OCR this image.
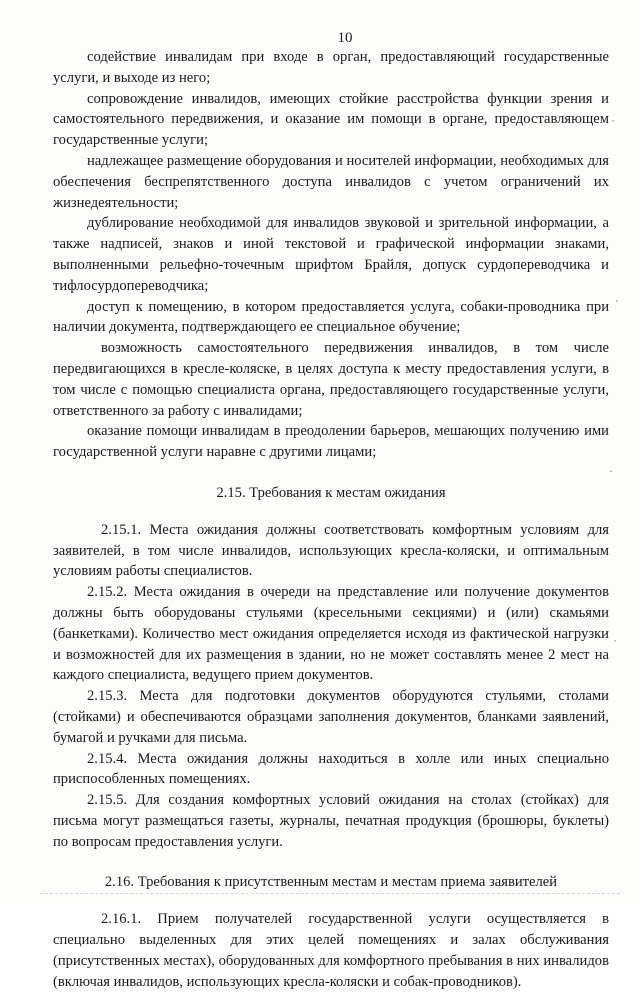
10

содействие инвалидам при входе в орган, предоставляющий государственные услуги, и выходе из него;

сопровождение инвалидов, имеющих стойкие расстройства функции зрения и самостоятельного передвижения, и оказание им помощи в органе, предоставляющем государственные услуги;

надлежащее размещение оборудования и носителей информации, необходимых для обеспечения беспрепятственного доступа инвалидов с учетом ограничений их жизнедеятельности;

дублирование необходимой для инвалидов звуковой и зрительной информации, а также надписей, знаков и иной текстовой и графической информации знаками, выполненными рельефно-точечным шрифтом Брайля, допуск сурдопереводчика и тифлосурдопереводчика;

доступ к помещению, в котором предоставляется услуга, собаки-проводника при наличии документа, подтверждающего ее специальное обучение;

возможность самостоятельного передвижения инвалидов, в том числе передвигающихся в кресле-коляске, в целях доступа к месту предоставления услуги, в том числе с помощью специалиста органа, предоставляющего государственные услуги, ответственного за работу с инвалидами;

оказание помощи инвалидам в преодолении барьеров, мешающих получению ими государственной услуги наравне с другими лицами;

2.15. Требования к местам ожидания

2.15.1. Места ожидания должны соответствовать комфортным условиям для заявителей, в том числе инвалидов, использующих кресла-коляски, и оптимальным условиям работы специалистов.

2.15.2. Места ожидания в очереди на представление или получение документов должны быть оборудованы стульями (кресельными секциями) и (или) скамьями (банкетками). Количество мест ожидания определяется исходя из фактической нагрузки и возможностей для их размещения в здании, но не может составлять менее 2 мест на каждого специалиста, ведущего прием документов.

2.15.3. Места для подготовки документов оборудуются стульями, столами (стойками) и обеспечиваются образцами заполнения документов, бланками заявлений, бумагой и ручками для письма.

2.15.4. Места ожидания должны находиться в холле или иных специально приспособленных помещениях.

2.15.5. Для создания комфортных условий ожидания на столах (стойках) для письма могут размещаться газеты, журналы, печатная продукция (брошюры, буклеты) по вопросам предоставления услуги.

2.16. Требования к присутственным местам и местам приема заявителей

2.16.1. Прием получателей государственной услуги осуществляется в специально выделенных для этих целей помещениях и залах обслуживания (присутственных местах), оборудованных для комфортного пребывания в них инвалидов (включая инвалидов, использующих кресла-коляски и собак-проводников).
